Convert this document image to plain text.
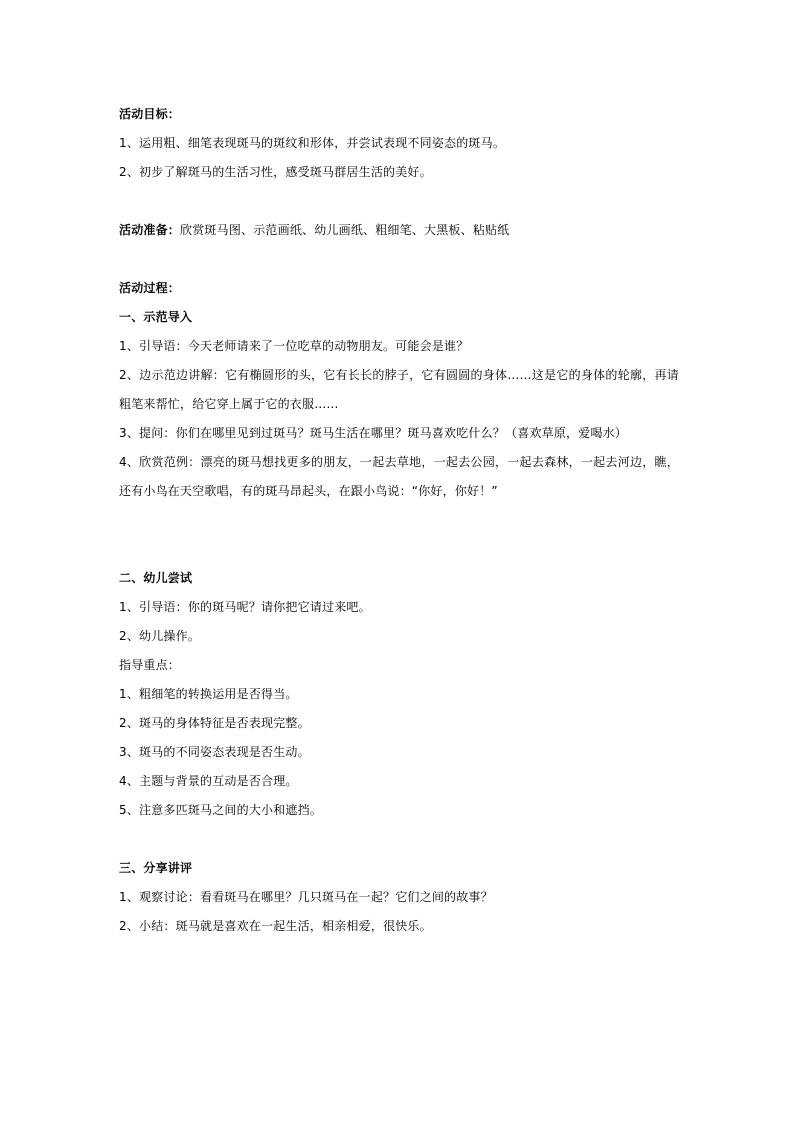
活动目标：
1、运用粗、细笔表现斑马的斑纹和形体，并尝试表现不同姿态的斑马。
2、初步了解斑马的生活习性，感受斑马群居生活的美好。
活动准备：欣赏斑马图、示范画纸、幼儿画纸、粗细笔、大黑板、粘贴纸
活动过程：
一、示范导入
1、引导语：今天老师请来了一位吃草的动物朋友。可能会是谁？
2、边示范边讲解：它有椭圆形的头，它有长长的脖子，它有圆圆的身体……这是它的身体的轮廓，再请粗笔来帮忙，给它穿上属于它的衣服……
3、提问：你们在哪里见到过斑马？斑马生活在哪里？斑马喜欢吃什么？（喜欢草原，爱喝水）
4、欣赏范例：漂亮的斑马想找更多的朋友，一起去草地，一起去公园，一起去森林，一起去河边，瞧，还有小鸟在天空歌唱，有的斑马昂起头，在跟小鸟说：“你好，你好！”
二、幼儿尝试
1、引导语：你的斑马呢？请你把它请过来吧。
2、幼儿操作。
指导重点：
1、粗细笔的转换运用是否得当。
2、斑马的身体特征是否表现完整。
3、斑马的不同姿态表现是否生动。
4、主题与背景的互动是否合理。
5、注意多匹斑马之间的大小和遮挡。
三、分享讲评
1、观察讨论：看看斑马在哪里？几只斑马在一起？它们之间的故事？
2、小结：斑马就是喜欢在一起生活，相亲相爱，很快乐。
